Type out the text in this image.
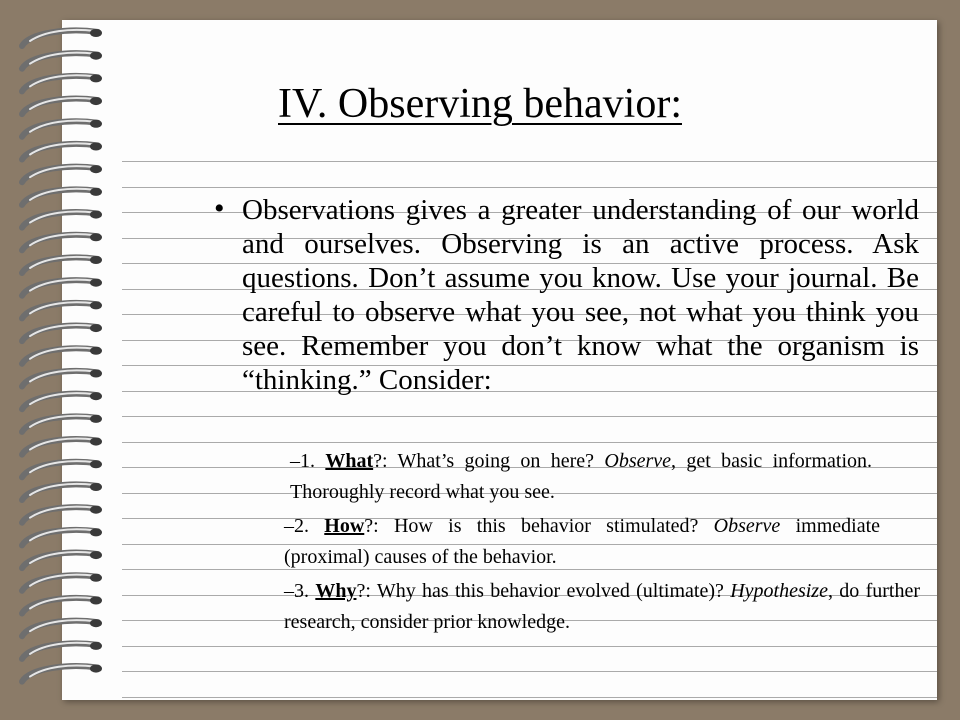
IV. Observing behavior:
• Observations gives a greater understanding of our world and ourselves. Observing is an active process. Ask questions. Don’t assume you know. Use your journal. Be careful to observe what you see, not what you think you see. Remember you don’t know what the organism is “thinking.” Consider:
–1. What?: What’s going on here? Observe, get basic information. Thoroughly record what you see.
–2. How?: How is this behavior stimulated? Observe immediate (proximal) causes of the behavior.
–3. Why?: Why has this behavior evolved (ultimate)? Hypothesize, do further research, consider prior knowledge.
